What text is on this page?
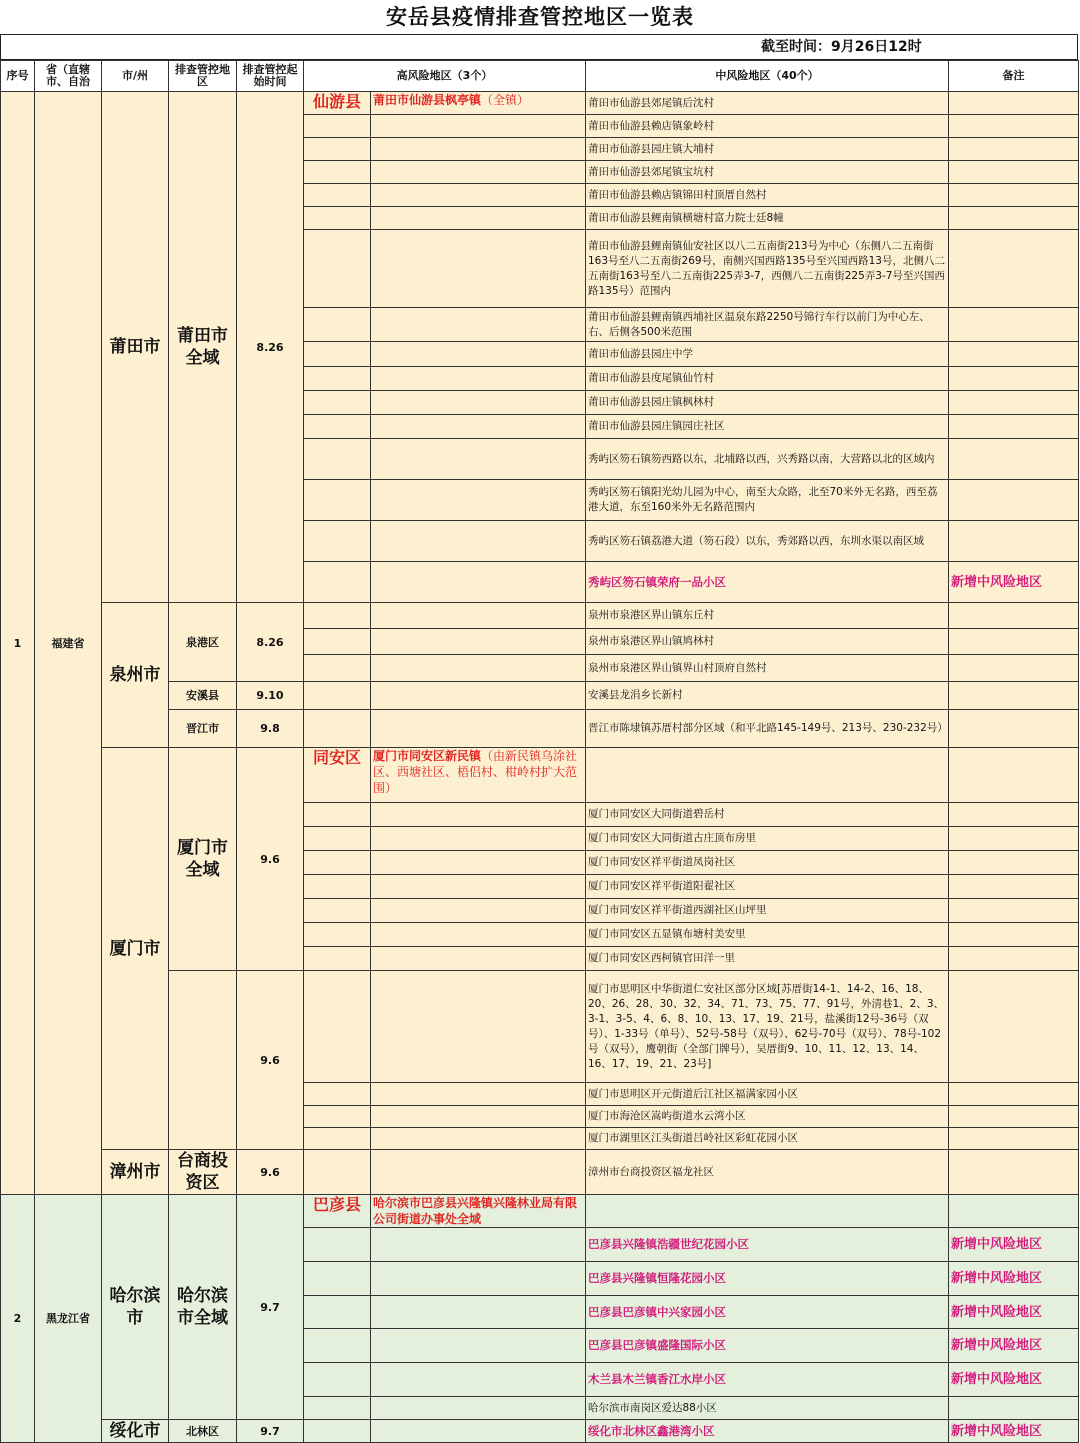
安岳县疫情排查管控地区一览表
截至时间：9月26日12时
序号	省（直辖市、自治	市/州	排查管控地区	排查管控起始时间	高风险地区（3个）		中风险地区（40个）	备注
1	福建省	莆田市	莆田市全域	8.26	仙游县	莆田市仙游县枫亭镇（全镇）	莆田市仙游县郊尾镇后沈村	
							莆田市仙游县赖店镇象岭村	
							莆田市仙游县园庄镇大埔村	
							莆田市仙游县郊尾镇宝坑村	
							莆田市仙游县赖店镇锦田村顶厝自然村	
							莆田市仙游县鲤南镇横塘村富力院士廷8幢	
							莆田市仙游县鲤南镇仙安社区以八二五南街213号为中心（东侧八二五南街163号至八二五南街269号，南侧兴国西路135号至兴国西路13号，北侧八二五南街163号至八二五南街225弄3-7，西侧八二五南街225弄3-7号至兴国西路135号）范围内	
							莆田市仙游县鲤南镇西埔社区温泉东路2250号锦行车行以前门为中心左、右、后侧各500米范围	
							莆田市仙游县园庄中学	
							莆田市仙游县度尾镇仙竹村	
							莆田市仙游县园庄镇枫林村	
							莆田市仙游县园庄镇园庄社区	
							秀屿区笏石镇笏西路以东，北埔路以西，兴秀路以南，大营路以北的区域内	
							秀屿区笏石镇阳光幼儿园为中心，南至大众路，北至70米外无名路，西至荔港大道，东至160米外无名路范围内	
							秀屿区笏石镇荔港大道（笏石段）以东，秀郊路以西，东圳水渠以南区域	
							秀屿区笏石镇荣府一品小区	新增中风险地区
		泉州市	泉港区	8.26			泉州市泉港区界山镇东丘村	
							泉州市泉港区界山镇鸠林村	
							泉州市泉港区界山镇界山村顶府自然村	
			安溪县	9.10			安溪县龙涓乡长新村	
			晋江市	9.8			晋江市陈埭镇苏厝村部分区域（和平北路145-149号、213号、230-232号）	
		厦门市	厦门市全域	9.6	同安区	厦门市同安区新民镇（由新民镇乌涂社区、西塘社区、梧侣村、柑岭村扩大范围）		
							厦门市同安区大同街道碧岳村	
							厦门市同安区大同街道古庄顶布房里	
							厦门市同安区祥平街道凤岗社区	
							厦门市同安区祥平街道阳翟社区	
							厦门市同安区祥平街道西湖社区山坪里	
							厦门市同安区五显镇布塘村美安里	
							厦门市同安区西柯镇官田洋一里	
				9.6			厦门市思明区中华街道仁安社区部分区域[苏厝街14-1、14-2、16、18、20、26、28、30、32、34、71、73、75、77、91号，外清巷1、2、3、3-1、3-5、4、6、8、10、13、17、19、21号，盐溪街12号-36号（双号）、1-33号（单号）、52号-58号（双号）、62号-70号（双号）、78号-102号（双号），鹰朝街（全部门牌号），吴厝街9、10、11、12、13、14、16、17、19、21、23号]	
							厦门市思明区开元街道后江社区福满家园小区	
							厦门市海沧区嵩屿街道水云湾小区	
							厦门市湖里区江头街道吕岭社区彩虹花园小区	
		漳州市	台商投资区	9.6			漳州市台商投资区福龙社区	
2	黑龙江省	哈尔滨市	哈尔滨市全域	9.7	巴彦县	哈尔滨市巴彦县兴隆镇兴隆林业局有限公司街道办事处全域		
							巴彦县兴隆镇浩疆世纪花园小区	新增中风险地区
							巴彦县兴隆镇恒隆花园小区	新增中风险地区
							巴彦县巴彦镇中兴家园小区	新增中风险地区
							巴彦县巴彦镇盛隆国际小区	新增中风险地区
							木兰县木兰镇香江水岸小区	新增中风险地区
							哈尔滨市南岗区爱达88小区	
		绥化市	北林区	9.7			绥化市北林区鑫港湾小区	新增中风险地区
